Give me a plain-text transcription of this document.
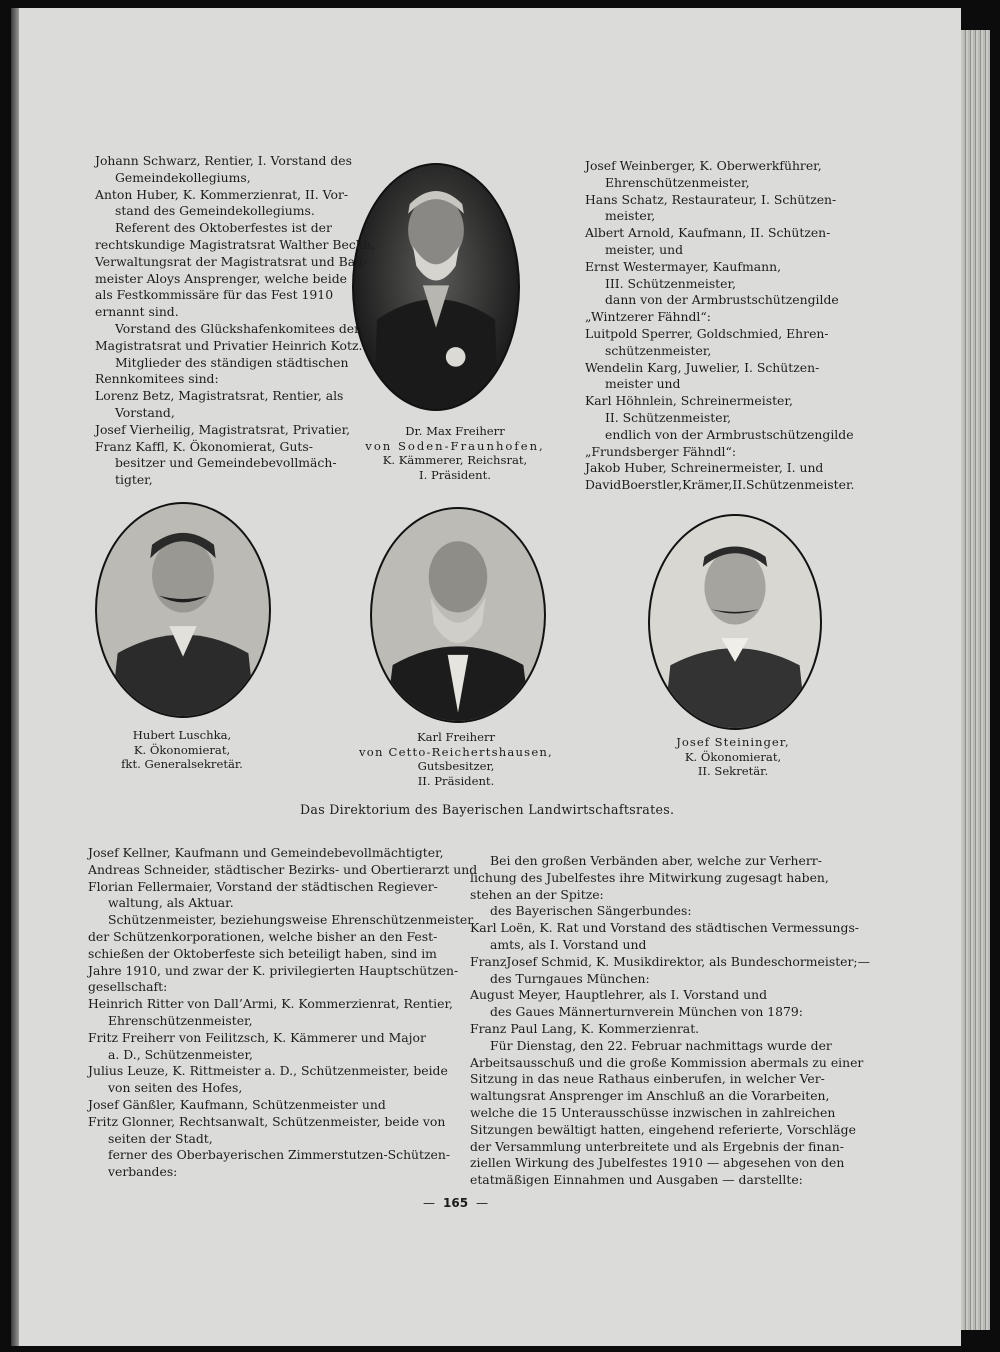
Dr. Max Freiherr
von Soden-Fraunhofen,
K. Kämmerer, Reichsrat,
I. Präsident.
Hubert Luschka,
K. Ökonomierat,
fkt. Generalsekretär.
Karl Freiherr
von Cetto-Reichertshausen,
Gutsbesitzer,
II. Präsident.
Josef Steininger,
K. Ökonomierat,
II. Sekretär.
Das Direktorium des Bayerischen Landwirtschaftsrates.
Johann Schwarz, Rentier, I. Vorstand des
Gemeindekollegiums,
Anton Huber, K. Kommerzienrat, II. Vor-
stand des Gemeindekollegiums.
Referent des Oktoberfestes ist der
rechtskundige Magistratsrat Walther Beckh,
Verwaltungsrat der Magistratsrat und Bau-
meister Aloys Ansprenger, welche beide
als Festkommissäre für das Fest 1910
ernannt sind.
Vorstand des Glückshafenkomitees der
Magistratsrat und Privatier Heinrich Kotz.
Mitglieder des ständigen städtischen
Rennkomitees sind:
Lorenz Betz, Magistratsrat, Rentier, als
Vorstand,
Josef Vierheilig, Magistratsrat, Privatier,
Franz Kaffl, K. Ökonomierat, Guts-
besitzer und Gemeindebevollmäch-
tigter,
Josef Weinberger, K. Oberwerkführer,
Ehrenschützenmeister,
Hans Schatz, Restaurateur, I. Schützen-
meister,
Albert Arnold, Kaufmann, II. Schützen-
meister, und
Ernst Westermayer, Kaufmann,
III. Schützenmeister,
dann von der Armbrustschützengilde
„Wintzerer Fähndl“:
Luitpold Sperrer, Goldschmied, Ehren-
schützenmeister,
Wendelin Karg, Juwelier, I. Schützen-
meister und
Karl Höhnlein, Schreinermeister,
II. Schützenmeister,
endlich von der Armbrustschützengilde
„Frundsberger Fähndl“:
Jakob Huber, Schreinermeister, I. und
DavidBoerstler,Krämer,II.Schützenmeister.
Josef Kellner, Kaufmann und Gemeindebevollmächtigter,
Andreas Schneider, städtischer Bezirks- und Obertierarzt und
Florian Fellermaier, Vorstand der städtischen Regiever-
waltung, als Aktuar.
Schützenmeister, beziehungsweise Ehrenschützenmeister
der Schützenkorporationen, welche bisher an den Fest-
schießen der Oktoberfeste sich beteiligt haben, sind im
Jahre 1910, und zwar der K. privilegierten Hauptschützen-
gesellschaft:
Heinrich Ritter von Dall’Armi, K. Kommerzienrat, Rentier,
Ehrenschützenmeister,
Fritz Freiherr von Feilitzsch, K. Kämmerer und Major
a. D., Schützenmeister,
Julius Leuze, K. Rittmeister a. D., Schützenmeister, beide
von seiten des Hofes,
Josef Gänßler, Kaufmann, Schützenmeister und
Fritz Glonner, Rechtsanwalt, Schützenmeister, beide von
seiten der Stadt,
ferner des Oberbayerischen Zimmerstutzen-Schützen-
verbandes:
Bei den großen Verbänden aber, welche zur Verherr-
lichung des Jubelfestes ihre Mitwirkung zugesagt haben,
stehen an der Spitze:
des Bayerischen Sängerbundes:
Karl Loën, K. Rat und Vorstand des städtischen Vermessungs-
amts, als I. Vorstand und
FranzJosef Schmid, K. Musikdirektor, als Bundeschormeister;—
des Turngaues München:
August Meyer, Hauptlehrer, als I. Vorstand und
des Gaues Männerturnverein München von 1879:
Franz Paul Lang, K. Kommerzienrat.
Für Dienstag, den 22. Februar nachmittags wurde der
Arbeitsausschuß und die große Kommission abermals zu einer
Sitzung in das neue Rathaus einberufen, in welcher Ver-
waltungsrat Ansprenger im Anschluß an die Vorarbeiten,
welche die 15 Unterausschüsse inzwischen in zahlreichen
Sitzungen bewältigt hatten, eingehend referierte, Vorschläge
der Versammlung unterbreitete und als Ergebnis der finan-
ziellen Wirkung des Jubelfestes 1910 — abgesehen von den
etatmäßigen Einnahmen und Ausgaben — darstellte:
— 165 —
